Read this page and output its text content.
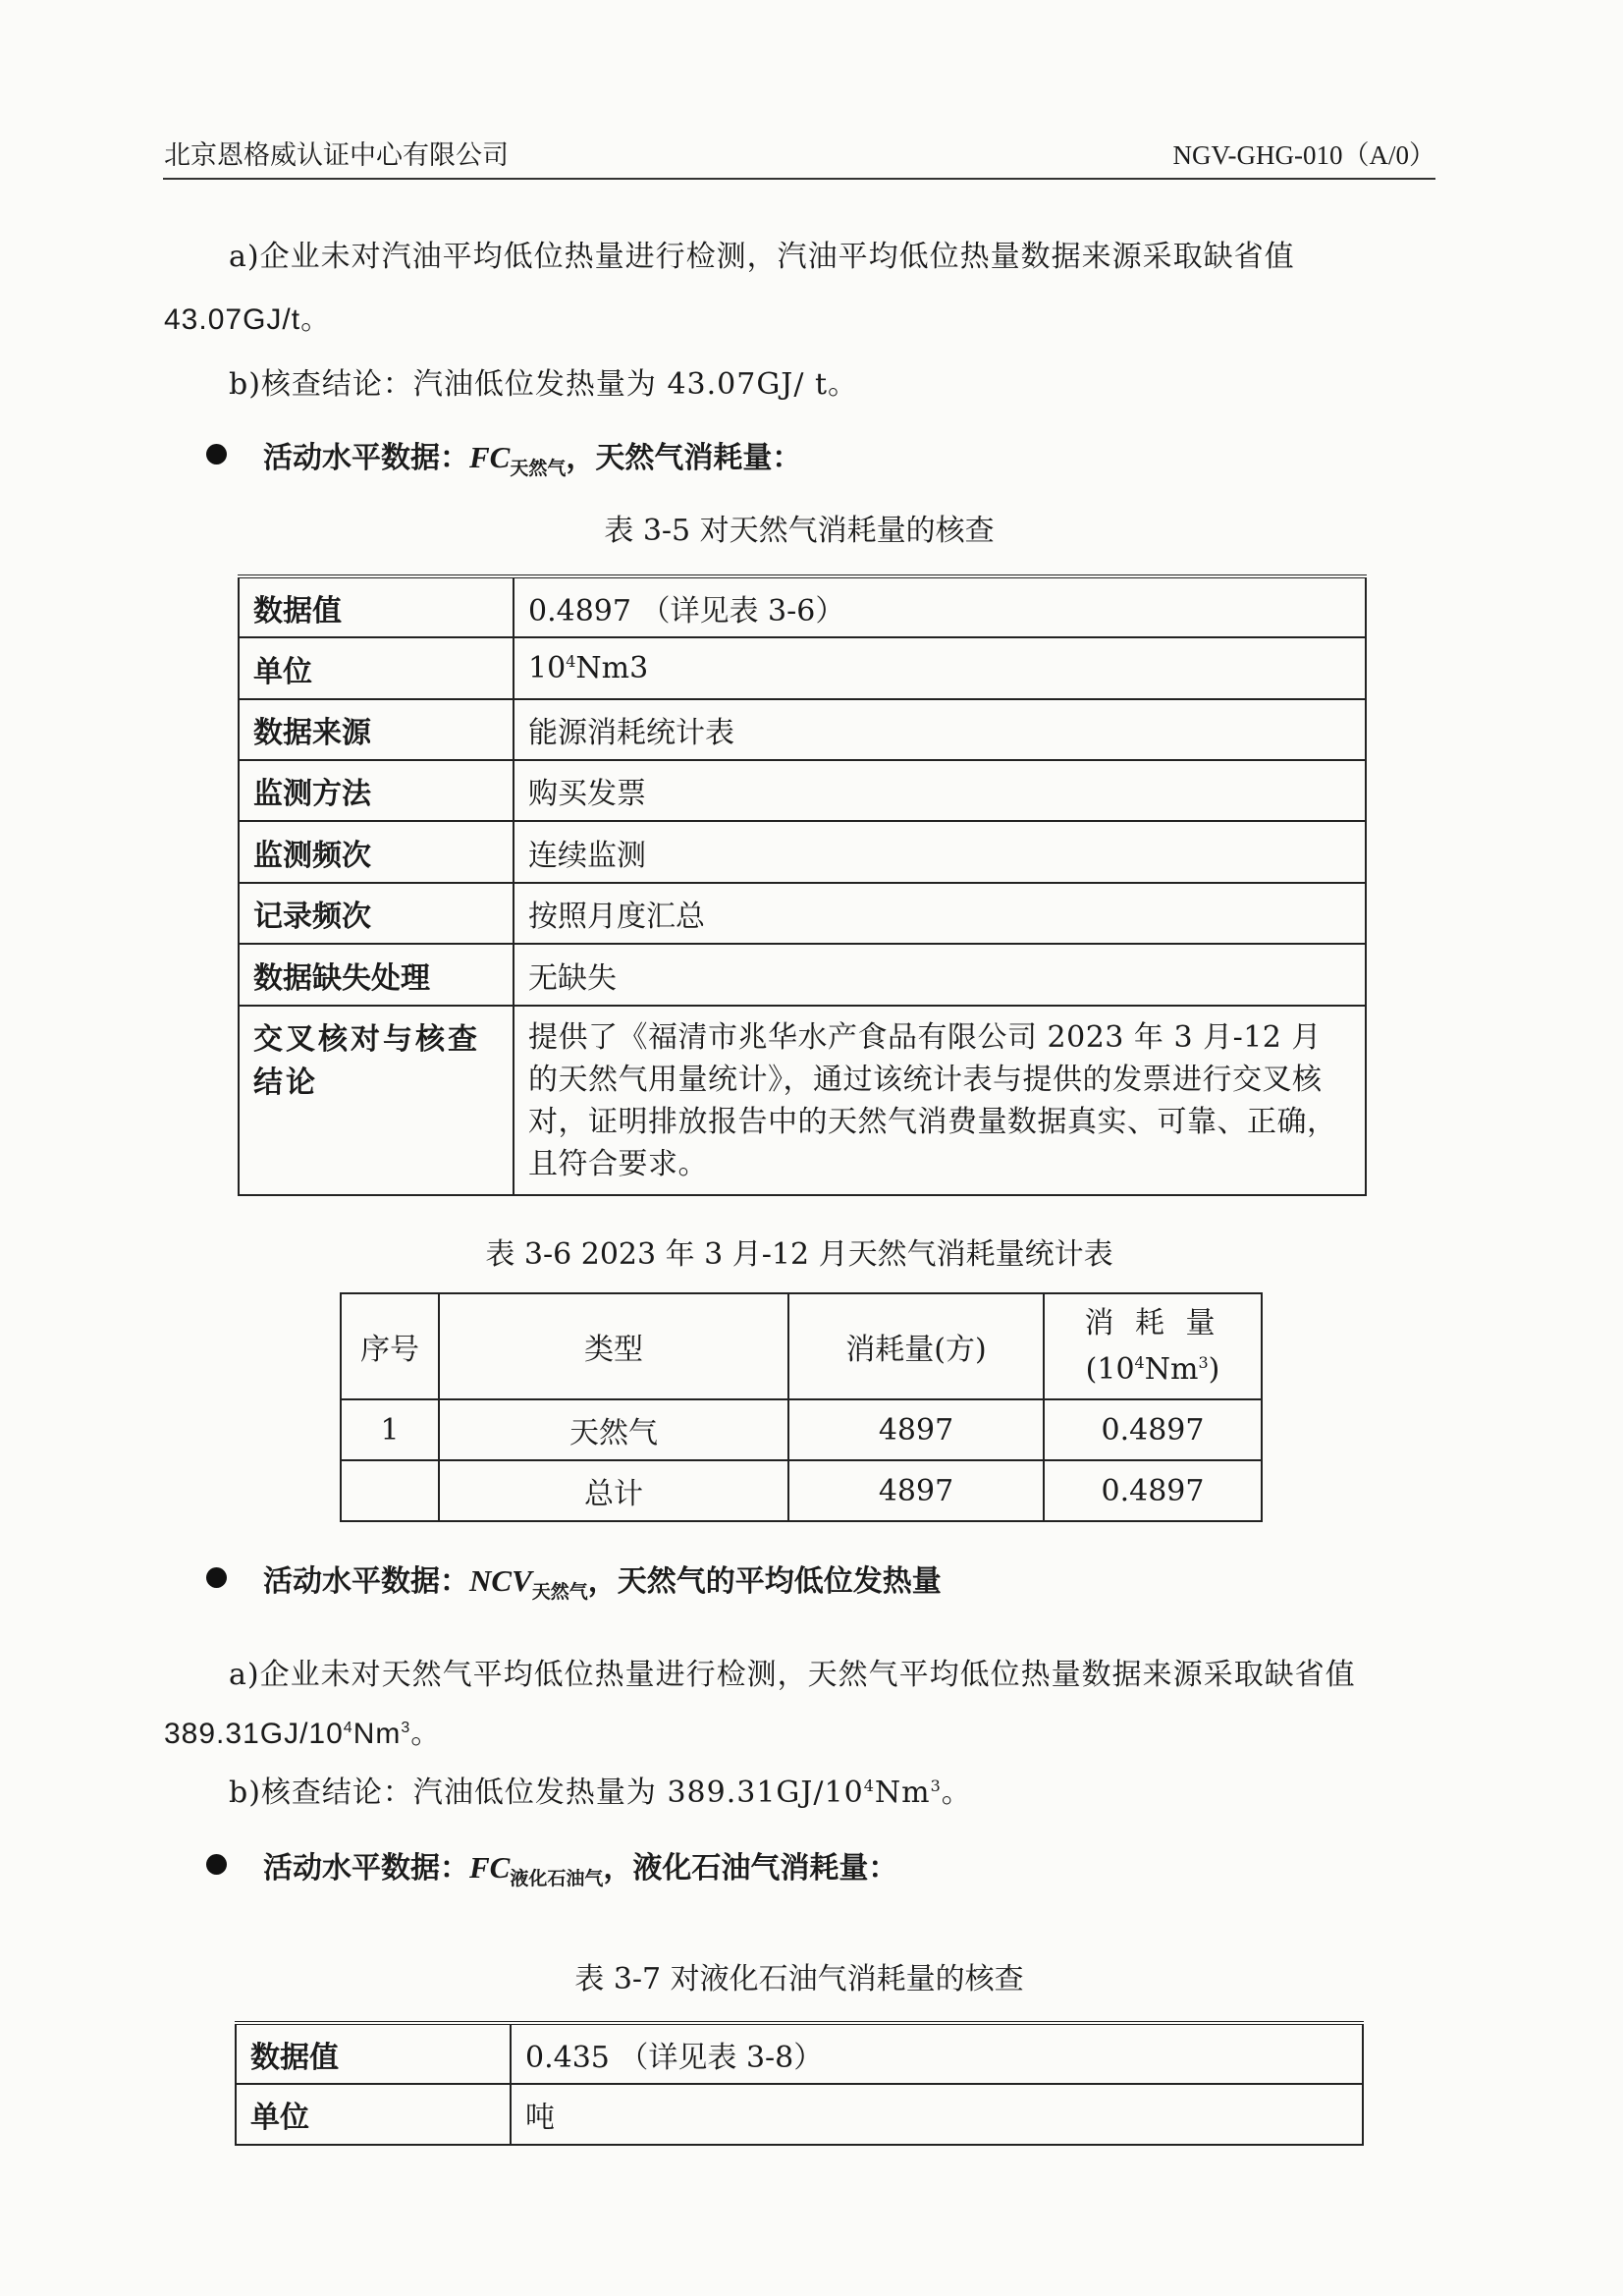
北京恩格威认证中心有限公司	NGV-GHG-010（A/0）
a)企业未对汽油平均低位热量进行检测，汽油平均低位热量数据来源采取缺省值
43.07GJ/t。
b)核查结论：汽油低位发热量为 43.07GJ/ t。
活动水平数据：$FC_{天然气}$，天然气消耗量：
表 3-5 对天然气消耗量的核查
数据值	0.4897 （详见表 3-6）
单位	$10^4Nm3$
数据来源	能源消耗统计表
监测方法	购买发票
监测频次	连续监测
记录频次	按照月度汇总
数据缺失处理	无缺失
交叉核对与核查结论	提供了《福清市兆华水产食品有限公司 2023 年 3 月-12 月的天然气用量统计》，通过该统计表与提供的发票进行交叉核对，证明排放报告中的天然气消费量数据真实、可靠、正确，且符合要求。
表 3-6 2023 年 3 月-12 月天然气消耗量统计表
序号	类型	消耗量(方)	消 耗 量
$(10^4Nm^3)$

1	天然气	4897	0.4897
	总计	4897	0.4897
活动水平数据：$NCV_{天然气}$，天然气的平均低位发热量
a)企业未对天然气平均低位热量进行检测，天然气平均低位热量数据来源采取缺省值
$389.31GJ/10^4Nm^3$。
b)核查结论：汽油低位发热量为 $389.31GJ/10^4Nm^3$。
活动水平数据：$FC_{液化石油气}$，液化石油气消耗量：
表 3-7 对液化石油气消耗量的核查
数据值	0.435 （详见表 3-8）
单位	吨
